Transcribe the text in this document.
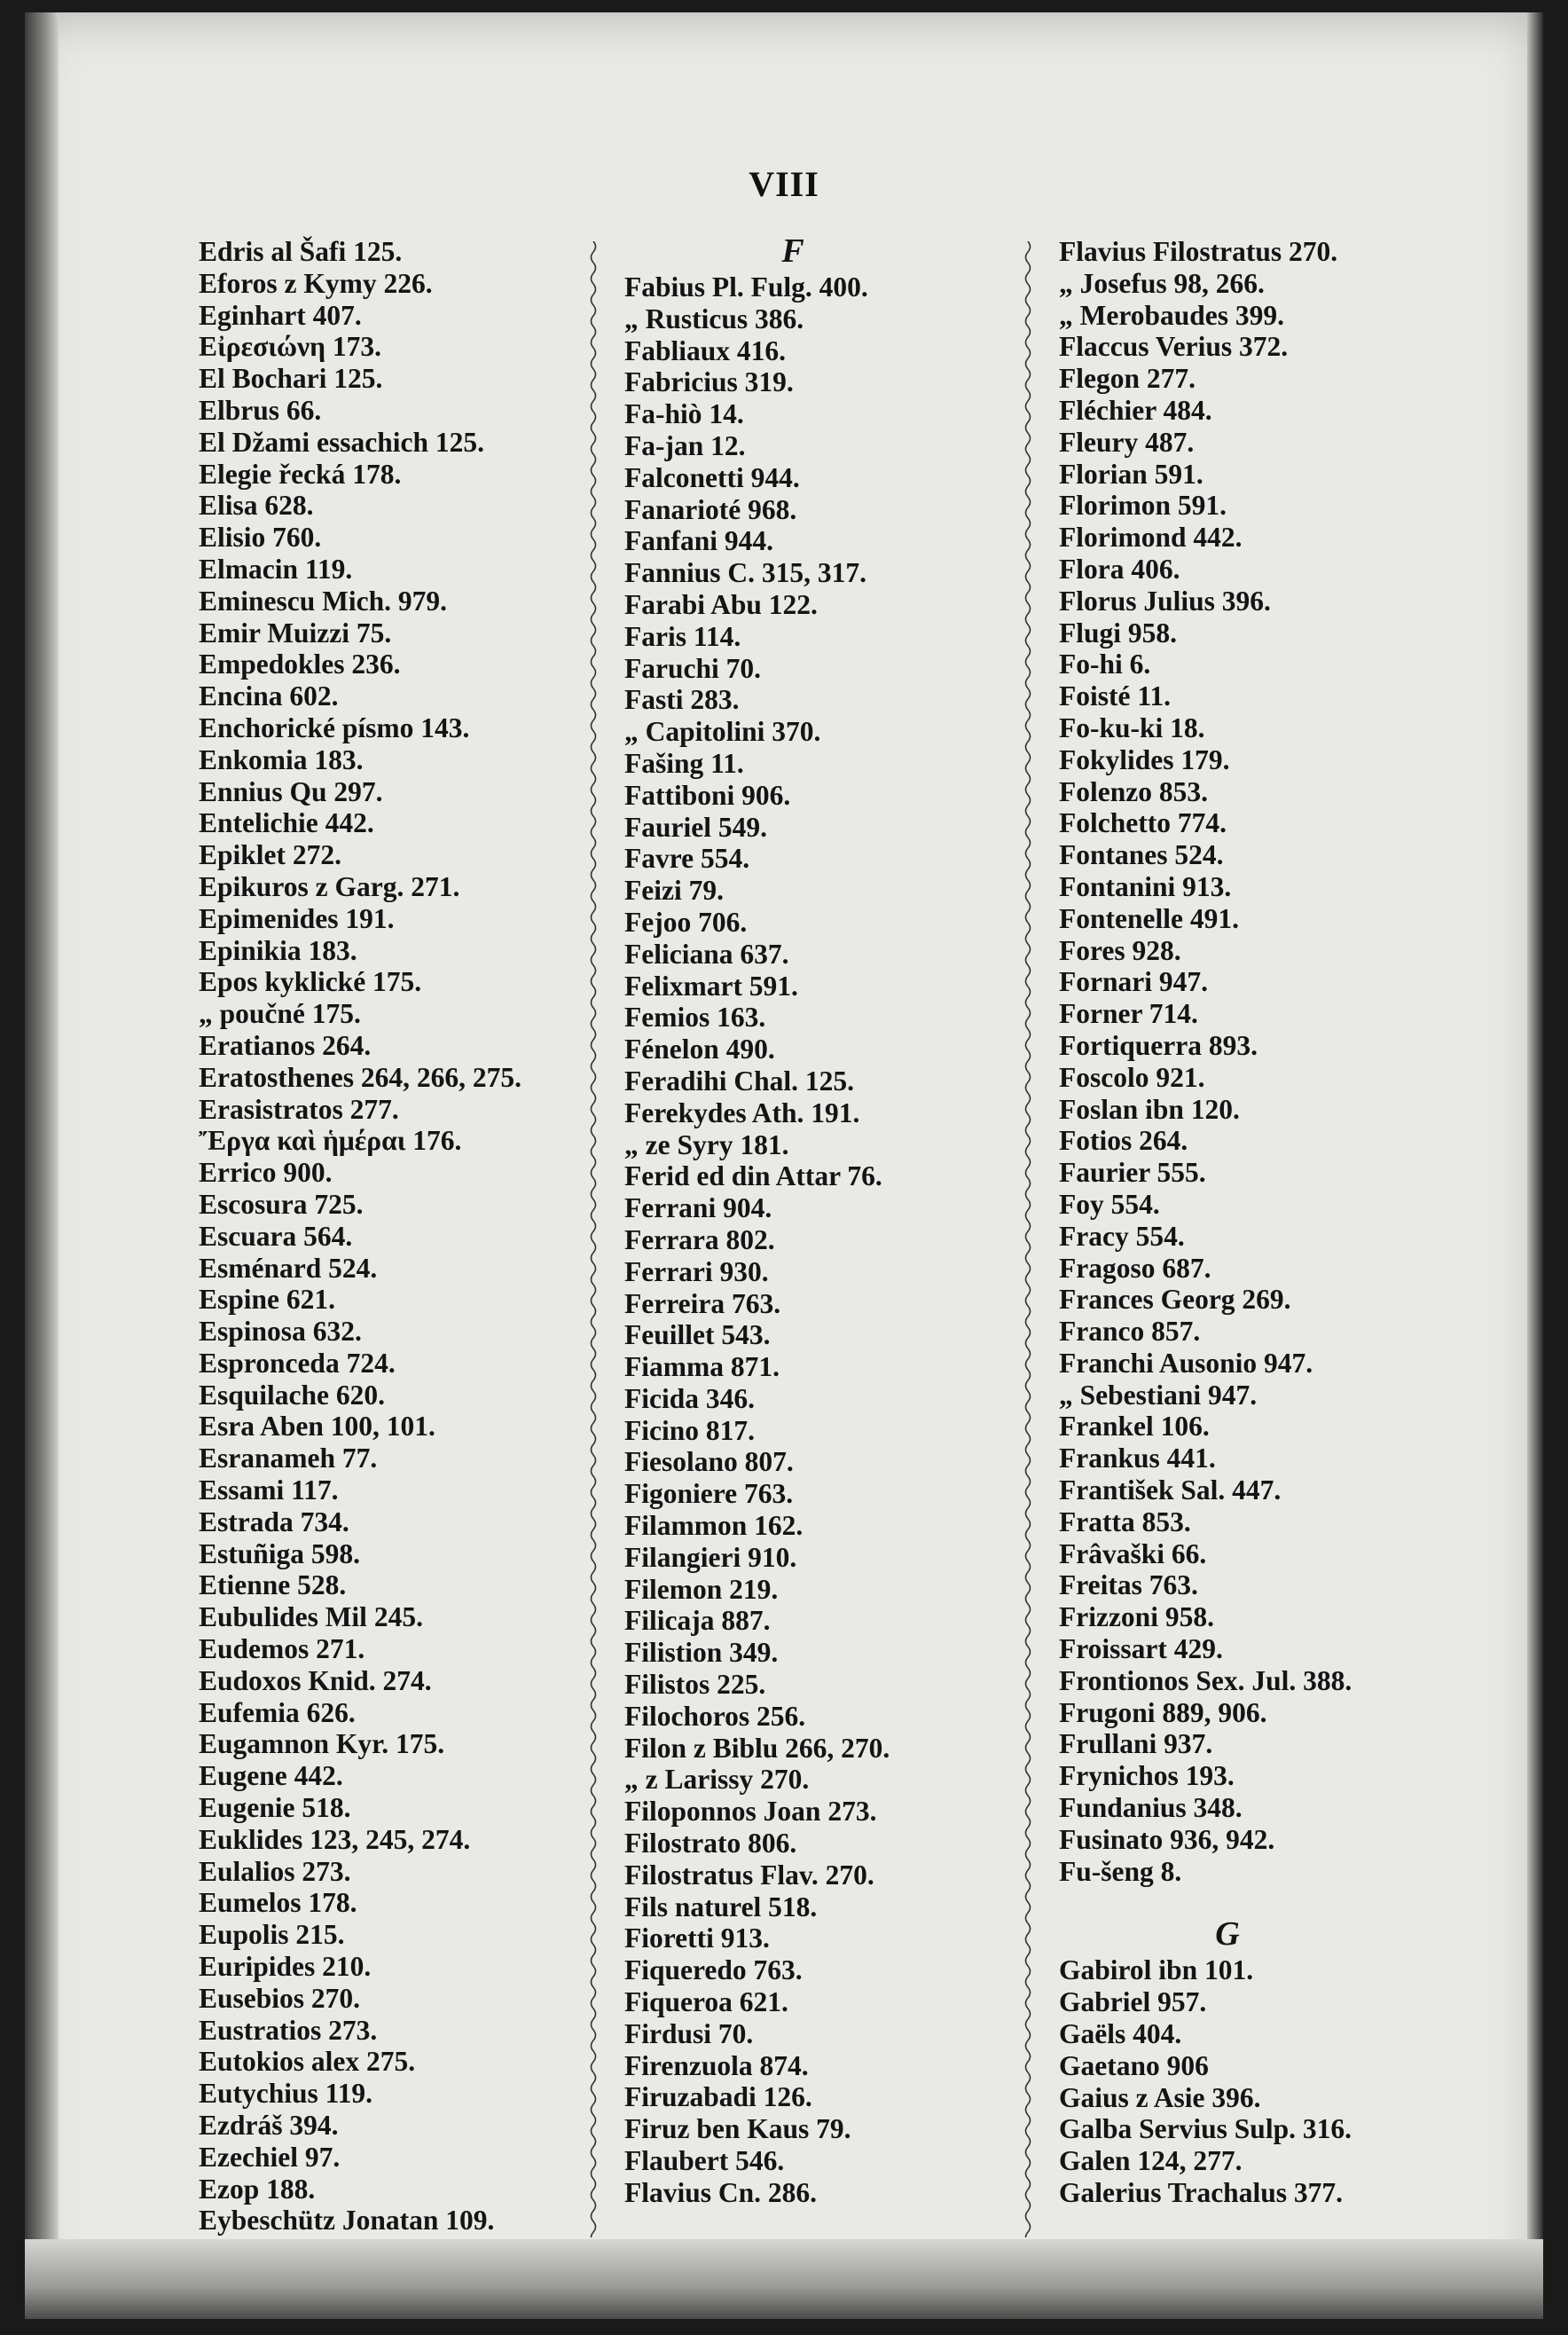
VIII
Edris al Šafi 125.
Eforos z Kymy 226.
Eginhart 407.
Εἰρεσιώνη 173.
El Bochari 125.
Elbrus 66.
El Džami essachich 125.
Elegie řecká 178.
Elisa 628.
Elisio 760.
Elmacin 119.
Eminescu Mich. 979.
Emir Muizzi 75.
Empedokles 236.
Encina 602.
Enchorické písmo 143.
Enkomia 183.
Ennius Qu 297.
Entelichie 442.
Epiklet 272.
Epikuros z Garg. 271.
Epimenides 191.
Epinikia 183.
Epos kyklické 175.
„ poučné 175.
Eratianos 264.
Eratosthenes 264, 266, 275.
Erasistratos 277.
Ἔργα καὶ ἡμέραι 176.
Errico 900.
Escosura 725.
Escuara 564.
Esménard 524.
Espine 621.
Espinosa 632.
Espronceda 724.
Esquilache 620.
Esra Aben 100, 101.
Esranameh 77.
Essami 117.
Estrada 734.
Estuñiga 598.
Etienne 528.
Eubulides Mil 245.
Eudemos 271.
Eudoxos Knid. 274.
Eufemia 626.
Eugamnon Kyr. 175.
Eugene 442.
Eugenie 518.
Euklides 123, 245, 274.
Eulalios 273.
Eumelos 178.
Eupolis 215.
Euripides 210.
Eusebios 270.
Eustratios 273.
Eutokios alex 275.
Eutychius 119.
Ezdráš 394.
Ezechiel 97.
Ezop 188.
Eybeschütz Jonatan 109.
F
Fabius Pl. Fulg. 400.
„ Rusticus 386.
Fabliaux 416.
Fabricius 319.
Fa-hiò 14.
Fa-jan 12.
Falconetti 944.
Fanarioté 968.
Fanfani 944.
Fannius C. 315, 317.
Farabi Abu 122.
Faris 114.
Faruchi 70.
Fasti 283.
„ Capitolini 370.
Fašing 11.
Fattiboni 906.
Fauriel 549.
Favre 554.
Feizi 79.
Fejoo 706.
Feliciana 637.
Felixmart 591.
Femios 163.
Fénelon 490.
Feradihi Chal. 125.
Ferekydes Ath. 191.
„ ze Syry 181.
Ferid ed din Attar 76.
Ferrani 904.
Ferrara 802.
Ferrari 930.
Ferreira 763.
Feuillet 543.
Fiamma 871.
Ficida 346.
Ficino 817.
Fiesolano 807.
Figoniere 763.
Filammon 162.
Filangieri 910.
Filemon 219.
Filicaja 887.
Filistion 349.
Filistos 225.
Filochoros 256.
Filon z Biblu 266, 270.
„ z Larissy 270.
Filoponnos Joan 273.
Filostrato 806.
Filostratus Flav. 270.
Fils naturel 518.
Fioretti 913.
Fiqueredo 763.
Fiqueroa 621.
Firdusi 70.
Firenzuola 874.
Firuzabadi 126.
Firuz ben Kaus 79.
Flaubert 546.
Flavius Cn. 286.
Flavius Filostratus 270.
„ Josefus 98, 266.
„ Merobaudes 399.
Flaccus Verius 372.
Flegon 277.
Fléchier 484.
Fleury 487.
Florian 591.
Florimon 591.
Florimond 442.
Flora 406.
Florus Julius 396.
Flugi 958.
Fo-hi 6.
Foisté 11.
Fo-ku-ki 18.
Fokylides 179.
Folenzo 853.
Folchetto 774.
Fontanes 524.
Fontanini 913.
Fontenelle 491.
Fores 928.
Fornari 947.
Forner 714.
Fortiquerra 893.
Foscolo 921.
Foslan ibn 120.
Fotios 264.
Faurier 555.
Foy 554.
Fracy 554.
Fragoso 687.
Frances Georg 269.
Franco 857.
Franchi Ausonio 947.
„ Sebestiani 947.
Frankel 106.
Frankus 441.
František Sal. 447.
Fratta 853.
Frâvaški 66.
Freitas 763.
Frizzoni 958.
Froissart 429.
Frontionos Sex. Jul. 388.
Frugoni 889, 906.
Frullani 937.
Frynichos 193.
Fundanius 348.
Fusinato 936, 942.
Fu-šeng 8.
G
Gabirol ibn 101.
Gabriel 957.
Gaëls 404.
Gaetano 906
Gaius z Asie 396.
Galba Servius Sulp. 316.
Galen 124, 277.
Galerius Trachalus 377.
